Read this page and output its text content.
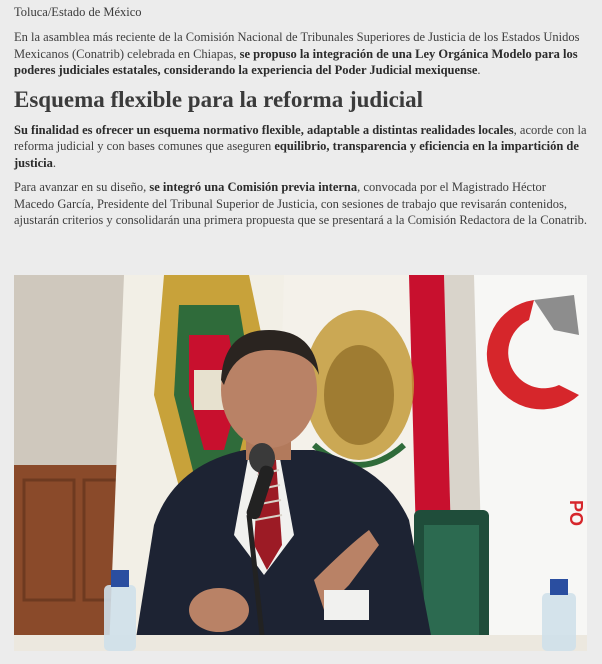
Toluca/Estado de México

En la asamblea más reciente de la Comisión Nacional de Tribunales Superiores de Justicia de los Estados Unidos Mexicanos (Conatrib) celebrada en Chiapas, se propuso la integración de una Ley Orgánica Modelo para los poderes judiciales estatales, considerando la experiencia del Poder Judicial mexiquense.

Esquema flexible para la reforma judicial

Su finalidad es ofrecer un esquema normativo flexible, adaptable a distintas realidades locales, acorde con la reforma judicial y con bases comunes que aseguren equilibrio, transparencia y eficiencia en la impartición de justicia.

Para avanzar en su diseño, se integró una Comisión previa interna, convocada por el Magistrado Héctor Macedo García, Presidente del Tribunal Superior de Justicia, con sesiones de trabajo que revisarán contenidos, ajustarán criterios y consolidarán una primera propuesta que se presentará a la Comisión Redactora de la Conatrib.

PO
